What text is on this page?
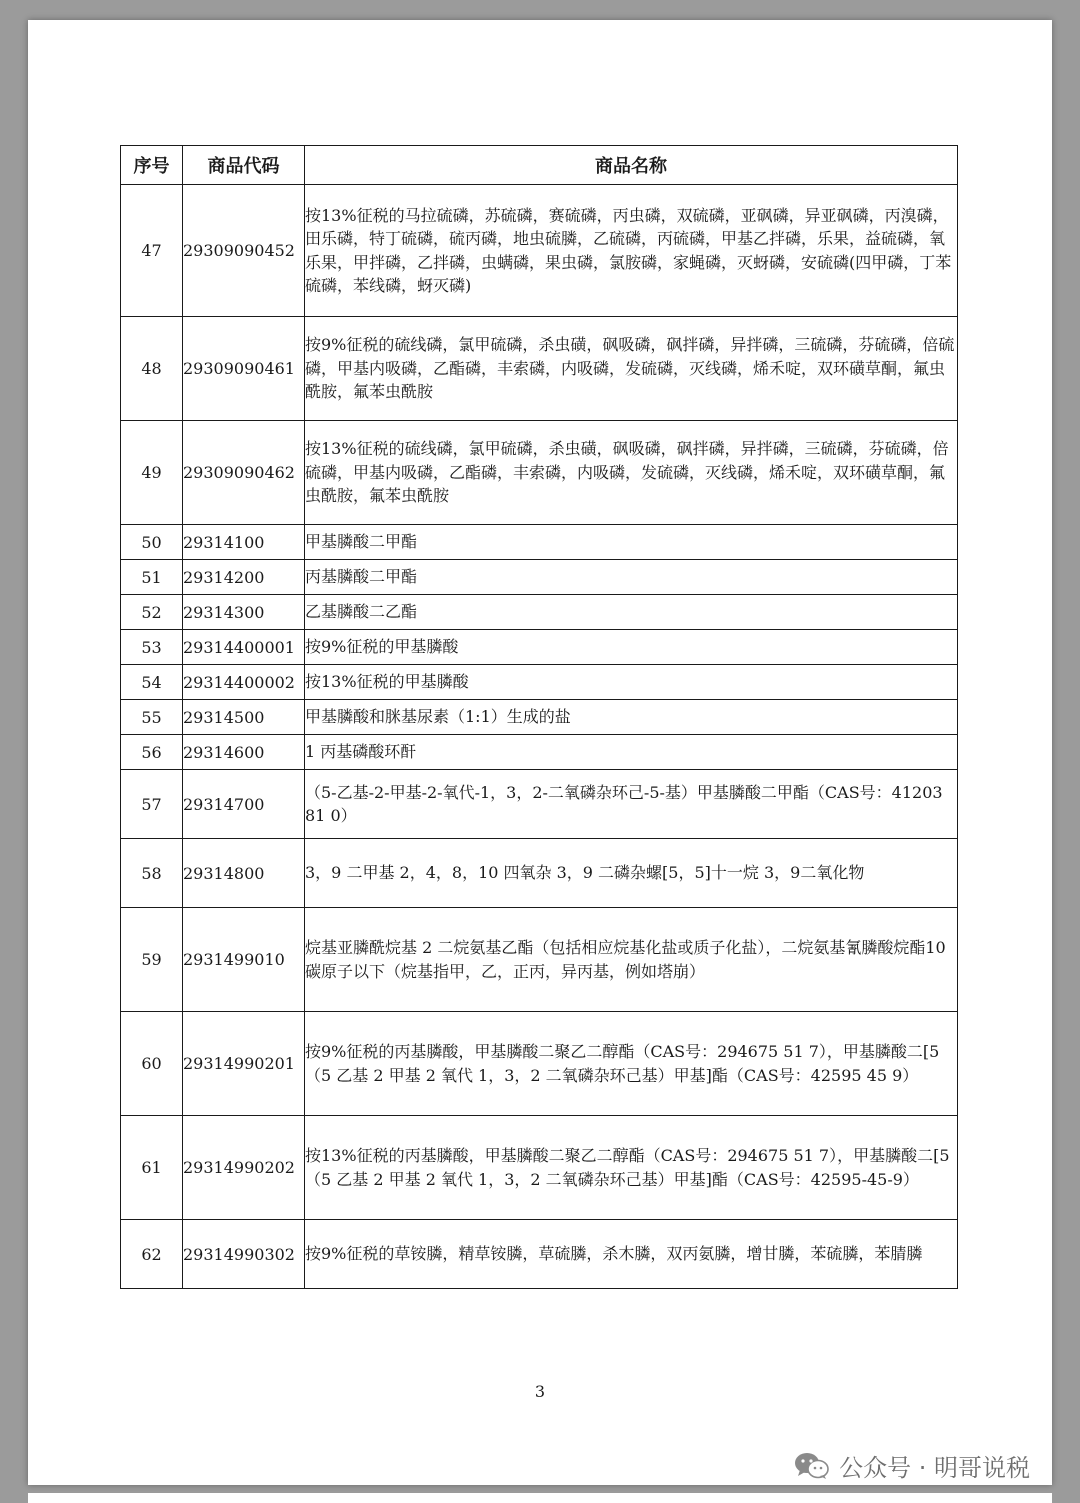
序号	商品代码	商品名称
47	29309090452	按13%征税的马拉硫磷，苏硫磷，赛硫磷，丙虫磷，双硫磷，亚砜磷，异亚砜磷，丙溴磷，田乐磷，特丁硫磷，硫丙磷，地虫硫膦，乙硫磷，丙硫磷，甲基乙拌磷，乐果，益硫磷，氧乐果，甲拌磷，乙拌磷，虫螨磷，果虫磷，氯胺磷，家蝇磷，灭蚜磷，安硫磷(四甲磷，丁苯硫磷，苯线磷，蚜灭磷)
48	29309090461	按9%征税的硫线磷，氯甲硫磷，杀虫磺，砜吸磷，砜拌磷，异拌磷，三硫磷，芬硫磷，倍硫磷，甲基内吸磷，乙酯磷，丰索磷，内吸磷，发硫磷，灭线磷，烯禾啶，双环磺草酮，氟虫酰胺，氟苯虫酰胺
49	29309090462	按13%征税的硫线磷，氯甲硫磷，杀虫磺，砜吸磷，砜拌磷，异拌磷，三硫磷，芬硫磷，倍硫磷，甲基内吸磷，乙酯磷，丰索磷，内吸磷，发硫磷，灭线磷，烯禾啶，双环磺草酮，氟虫酰胺，氟苯虫酰胺
50	29314100	甲基膦酸二甲酯
51	29314200	丙基膦酸二甲酯
52	29314300	乙基膦酸二乙酯
53	29314400001	按9%征税的甲基膦酸
54	29314400002	按13%征税的甲基膦酸
55	29314500	甲基膦酸和脒基尿素（1:1）生成的盐
56	29314600	1 丙基磷酸环酐
57	29314700	（5-乙基-2-甲基-2-氧代-1，3，2-二氧磷杂环己-5-基）甲基膦酸二甲酯（CAS号：41203 81 0）
58	29314800	3，9 二甲基 2，4，8，10 四氧杂 3，9 二磷杂螺[5，5]十一烷 3，9二氧化物
59	2931499010	烷基亚膦酰烷基 2 二烷氨基乙酯（包括相应烷基化盐或质子化盐），二烷氨基氰膦酸烷酯10碳原子以下（烷基指甲，乙，正丙，异丙基，例如塔崩）
60	29314990201	按9%征税的丙基膦酸，甲基膦酸二聚乙二醇酯（CAS号：294675 51 7），甲基膦酸二[5 （5 乙基 2 甲基 2 氧代 1，3，2 二氧磷杂环己基）甲基]酯（CAS号：42595 45 9）
61	29314990202	按13%征税的丙基膦酸，甲基膦酸二聚乙二醇酯（CAS号：294675 51 7），甲基膦酸二[5 （5 乙基 2 甲基 2 氧代 1，3，2 二氧磷杂环己基）甲基]酯（CAS号：42595-45-9）
62	29314990302	按9%征税的草铵膦，精草铵膦，草硫膦，杀木膦，双丙氨膦，增甘膦，苯硫膦，苯腈膦
3
公众号 · 明哥说税
